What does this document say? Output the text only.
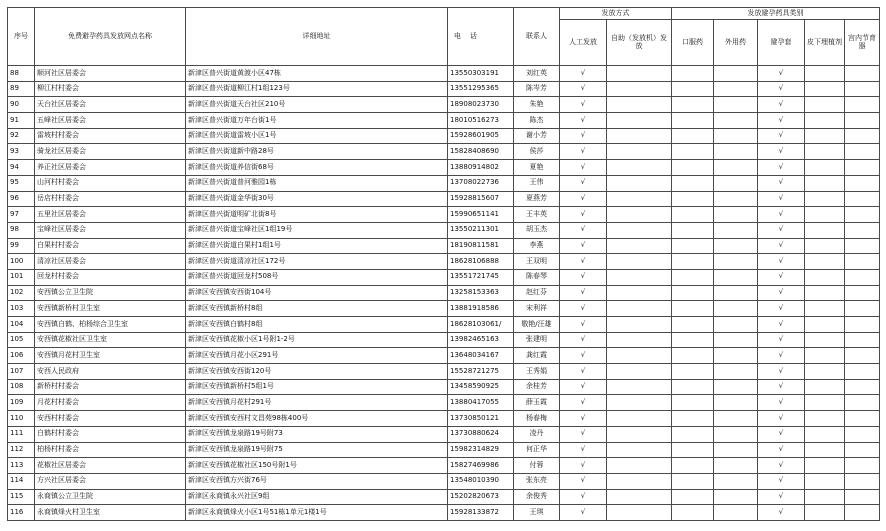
序号	免费避孕药具发放网点名称	详细地址	电    话	联系人	发放方式		发放避孕药具类别				
					人工发放	自助（发放机）发放	口服药	外用药	避孕套	皮下埋植剂	宫内节育器
88	顺河社区居委会	新津区普兴街道黄渡小区47栋	13550303191	刘红英	√				√		
89	柳江村村委会	新津区普兴街道柳江村1组123号	13551295365	陈岑芳	√				√		
90	天台社区居委会	新津区普兴街道天台社区210号	18908023730	朱艳	√				√		
91	五峰社区居委会	新津区普兴街道万年台街1号	18010516273	陈杰	√				√		
92	雷坡村村委会	新津区普兴街道雷坡小区1号	15928601905	谢小芳	√				√		
93	骑龙社区居委会	新津区普兴街道新中路28号	15828408690	侯莎	√				√		
94	养正社区居委会	新津区普兴街道养信街68号	13880914802	夏艳	√				√		
95	山河村村委会	新津区普兴街道普河雅园1栋	13708022736	王伟	√				√		
96	岳店村村委会	新津区普兴街道金华街30号	15928815607	夏燕芳	√				√		
97	五里社区居委会	新津区普兴街道明矿北街8号	15990651141	王丰英	√				√		
98	宝峰社区居委会	新津区普兴街道宝峰社区1组19号	13550211301	胡玉杰	√				√		
99	白果村村委会	新津区普兴街道白果村1组1号	18190811581	李燕	√				√		
100	清凉社区居委会	新津区普兴街道清凉社区172号	18628106888	王双明	√				√		
101	回龙村村委会	新津区普兴街道回龙村508号	13551721745	陈春琴	√				√		
102	安西镇公立卫生院	新津区安西镇安西街104号	13258153363	赵红芬	√				√		
103	安西镇新桥村卫生室	新津区安西镇新桥村8组	13881918586	宋利祥	√				√		
104	安西镇白鹤、柏杨综合卫生室	新津区安西镇白鹤村8组	18628103061/	敬艳/汪雄	√				√		
105	安西镇花椒社区卫生室	新津区安西镇花椒小区1号附1-2号	13982465163	张建明	√				√		
106	安西镇月花村卫生室	新津区安西镇月花小区291号	13648034167	龚红霞	√				√		
107	安西人民政府	新津区安西镇安西街120号	15528721275	王秀娟	√				√		
108	新桥村村委会	新津区安西镇新桥村5组1号	13458590925	余桂芳	√				√		
109	月花村村委会	新津区安西镇月花村291号	13880417055	薛玉霞	√				√		
110	安西村村委会	新津区安西镇安西村文昌苑98栋400号	13730850121	杨春梅	√				√		
111	白鹤村村委会	新津区安西镇龙泉路19号附73	13730880624	凌丹	√				√		
112	柏杨村村委会	新津区安西镇龙泉路19号附75	15982314829	何正华	√				√		
113	花椒社区居委会	新津区安西镇花椒社区150号附1号	15827469986	付蓉	√				√		
114	方兴社区居委会	新津区安西镇方兴街76号	13548010390	张东亮	√				√		
115	永商镇公立卫生院	新津区永商镇永兴社区9组	15202820673	余俊秀	√				√		
116	永商镇烽火村卫生室	新津区永商镇烽火小区1号51栋1单元1楼1号	15928133872	王琪	√				√		
